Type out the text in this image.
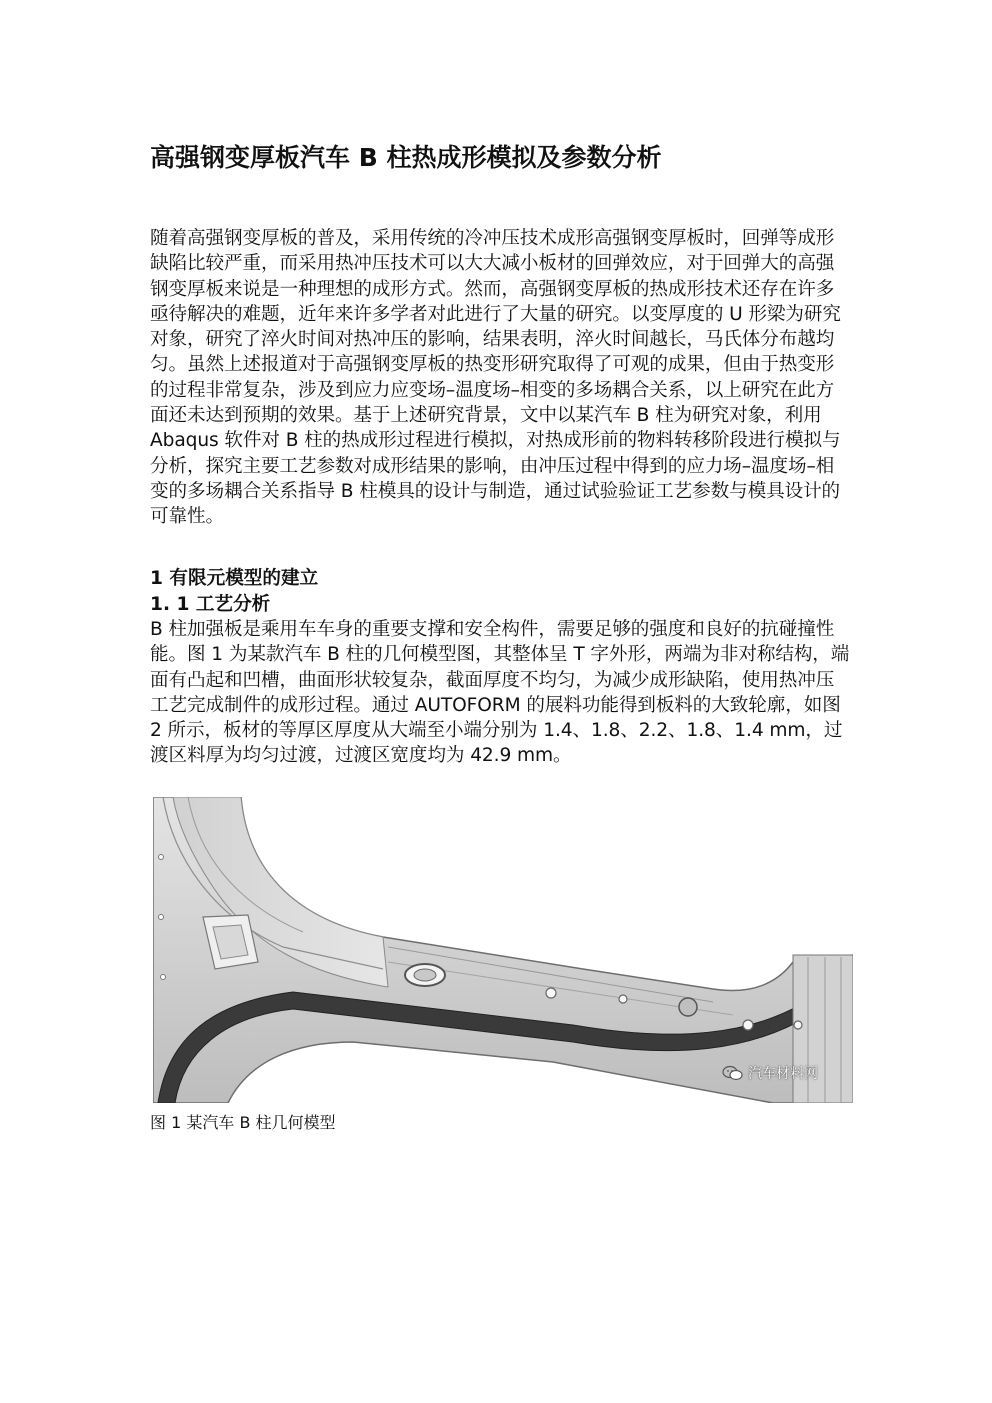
高强钢变厚板汽车 B 柱热成形模拟及参数分析
随着高强钢变厚板的普及，采用传统的冷冲压技术成形高强钢变厚板时，回弹等成形缺陷比较严重，而采用热冲压技术可以大大减小板材的回弹效应，对于回弹大的高强钢变厚板来说是一种理想的成形方式。然而，高强钢变厚板的热成形技术还存在许多亟待解决的难题，近年来许多学者对此进行了大量的研究。以变厚度的 U 形梁为研究对象，研究了淬火时间对热冲压的影响，结果表明，淬火时间越长，马氏体分布越均匀。虽然上述报道对于高强钢变厚板的热变形研究取得了可观的成果，但由于热变形的过程非常复杂，涉及到应力应变场–温度场–相变的多场耦合关系，以上研究在此方面还未达到预期的效果。基于上述研究背景，文中以某汽车 B 柱为研究对象，利用 Abaqus 软件对 B 柱的热成形过程进行模拟，对热成形前的物料转移阶段进行模拟与分析，探究主要工艺参数对成形结果的影响，由冲压过程中得到的应力场–温度场–相变的多场耦合关系指导 B 柱模具的设计与制造，通过试验验证工艺参数与模具设计的可靠性。
1 有限元模型的建立
1. 1 工艺分析
B 柱加强板是乘用车车身的重要支撑和安全构件，需要足够的强度和良好的抗碰撞性能。图 1 为某款汽车 B 柱的几何模型图，其整体呈 T 字外形，两端为非对称结构，端面有凸起和凹槽，曲面形状较复杂，截面厚度不均匀，为减少成形缺陷，使用热冲压工艺完成制件的成形过程。通过 AUTOFORM 的展料功能得到板料的大致轮廓，如图 2 所示，板材的等厚区厚度从大端至小端分别为 1.4、1.8、2.2、1.8、1.4 mm，过渡区料厚为均匀过渡，过渡区宽度均为 42.9 mm。
汽车材料网
图 1 某汽车 B 柱几何模型
